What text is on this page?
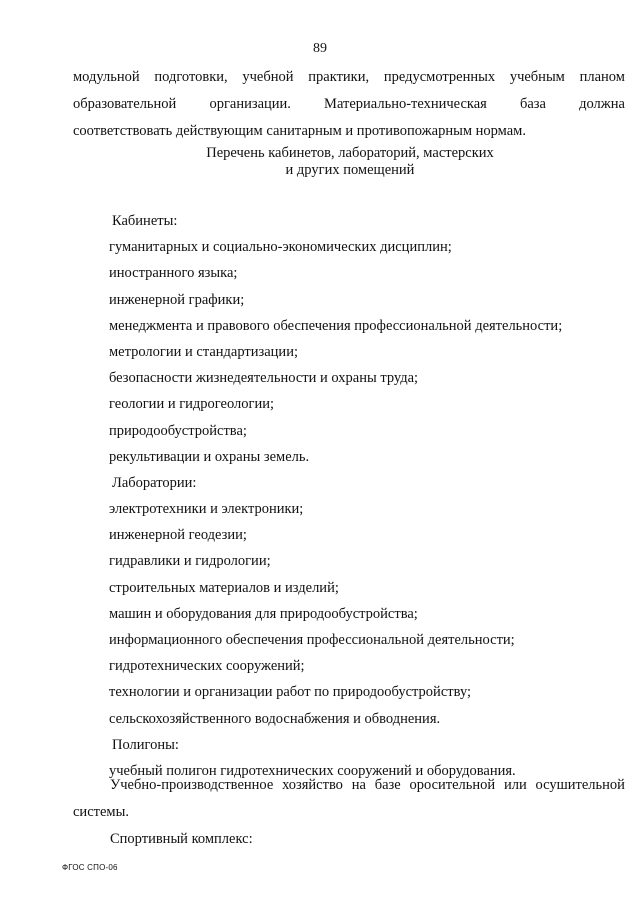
89
модульной подготовки, учебной практики, предусмотренных учебным планом
образовательной организации. Материально-техническая база должна
соответствовать действующим санитарным и противопожарным нормам.
Перечень кабинетов, лабораторий, мастерских
и других помещений
Кабинеты:
гуманитарных и социально-экономических дисциплин;
иностранного языка;
инженерной графики;
менеджмента и правового обеспечения профессиональной деятельности;
метрологии и стандартизации;
безопасности жизнедеятельности и охраны труда;
геологии и гидрогеологии;
природообустройства;
рекультивации и охраны земель.
Лаборатории:
электротехники и электроники;
инженерной геодезии;
гидравлики и гидрологии;
строительных материалов и изделий;
машин и оборудования для природообустройства;
информационного обеспечения профессиональной деятельности;
гидротехнических сооружений;
технологии и организации работ по природообустройству;
сельскохозяйственного водоснабжения и обводнения.
Полигоны:
учебный полигон гидротехнических сооружений и оборудования.
Учебно-производственное хозяйство на базе оросительной или осушительной
системы.
Спортивный комплекс:
ФГОС СПО-06
